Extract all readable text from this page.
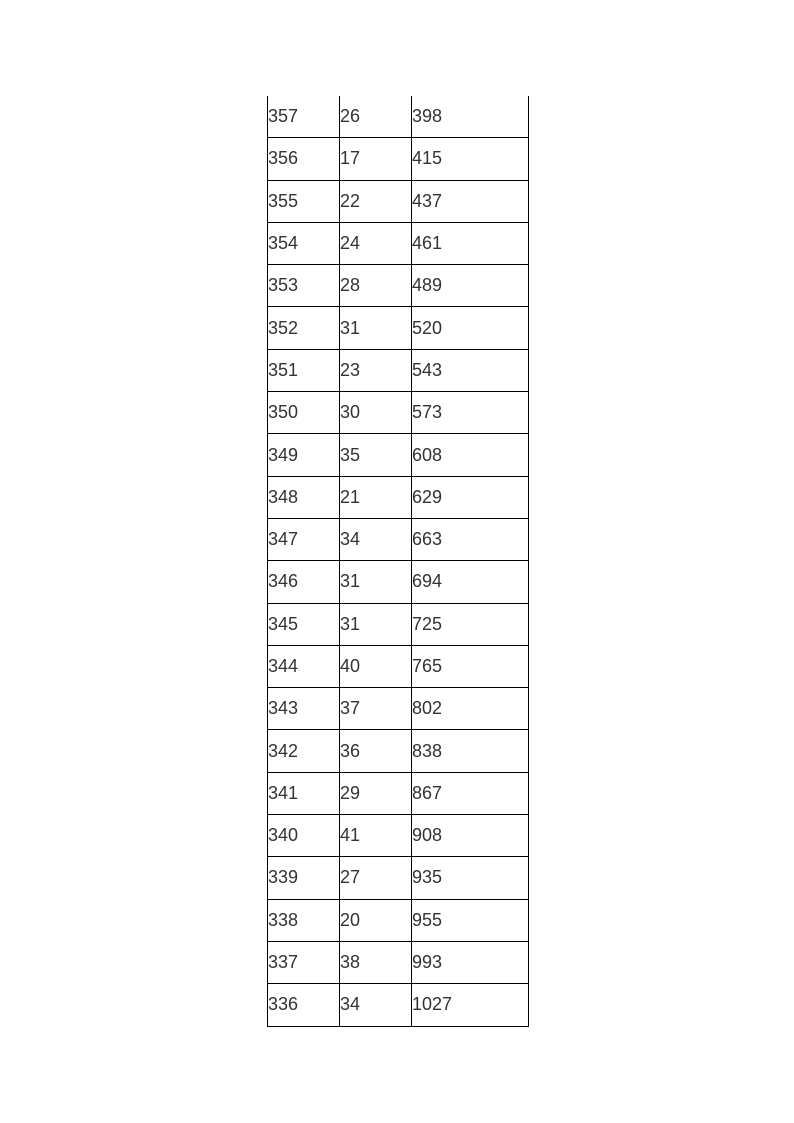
357	26	398
356	17	415
355	22	437
354	24	461
353	28	489
352	31	520
351	23	543
350	30	573
349	35	608
348	21	629
347	34	663
346	31	694
345	31	725
344	40	765
343	37	802
342	36	838
341	29	867
340	41	908
339	27	935
338	20	955
337	38	993
336	34	1027
